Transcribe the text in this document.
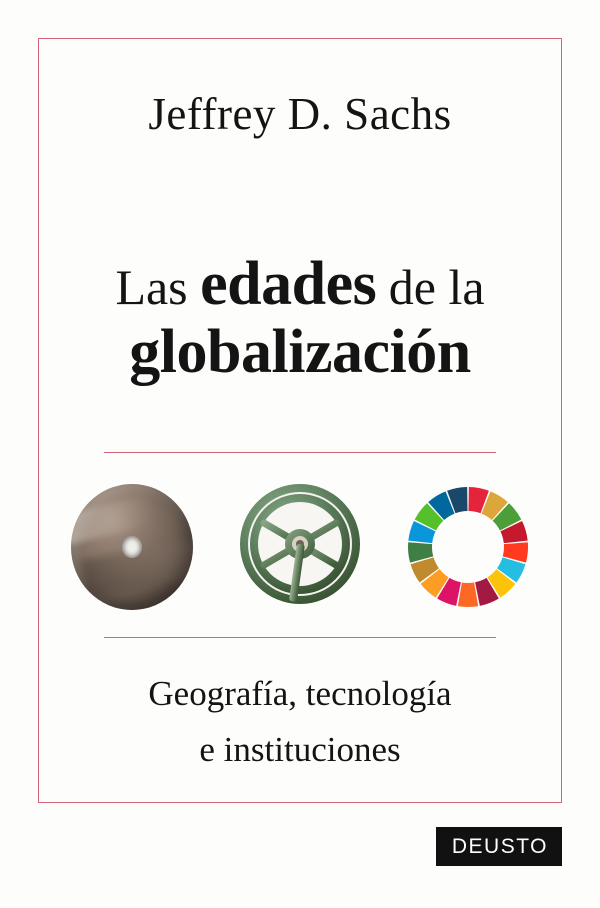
Jeffrey D. Sachs
Las edades de la
globalización
Geografía, tecnología
e instituciones
DEUSTO
